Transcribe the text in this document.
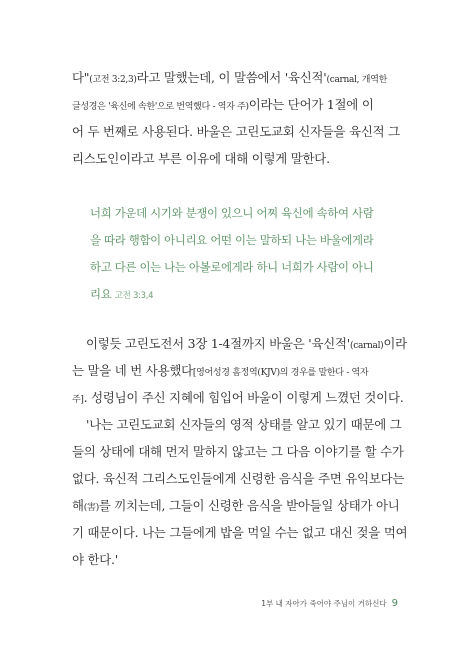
다"(고전 3:2,3)라고 말했는데, 이 말씀에서 '육신적'(carnal, 개역한
글성경은 '육신에 속한'으로 번역했다 - 역자 주)이라는 단어가 1절에 이
어 두 번째로 사용된다. 바울은 고린도교회 신자들을 육신적 그
리스도인이라고 부른 이유에 대해 이렇게 말한다.
너희 가운데 시기와 분쟁이 있으니 어찌 육신에 속하여 사람
을 따라 행함이 아니리요 어떤 이는 말하되 나는 바울에게라
하고 다른 이는 나는 아볼로에게라 하니 너희가 사람이 아니
리요 고전 3:3,4
이렇듯 고린도전서 3장 1-4절까지 바울은 '육신적'(carnal)이라
는 말을 네 번 사용했다[영어성경 흠정역(KJV)의 경우를 말한다 - 역자
주]. 성령님이 주신 지혜에 힘입어 바울이 이렇게 느꼈던 것이다.
'나는 고린도교회 신자들의 영적 상태를 알고 있기 때문에 그
들의 상태에 대해 먼저 말하지 않고는 그 다음 이야기를 할 수가
없다. 육신적 그리스도인들에게 신령한 음식을 주면 유익보다는
해(害)를 끼치는데, 그들이 신령한 음식을 받아들일 상태가 아니
기 때문이다. 나는 그들에게 밥을 먹일 수는 없고 대신 젖을 먹여
야 한다.'
1부 내 자아가 죽어야 주님이 거하신다 9
